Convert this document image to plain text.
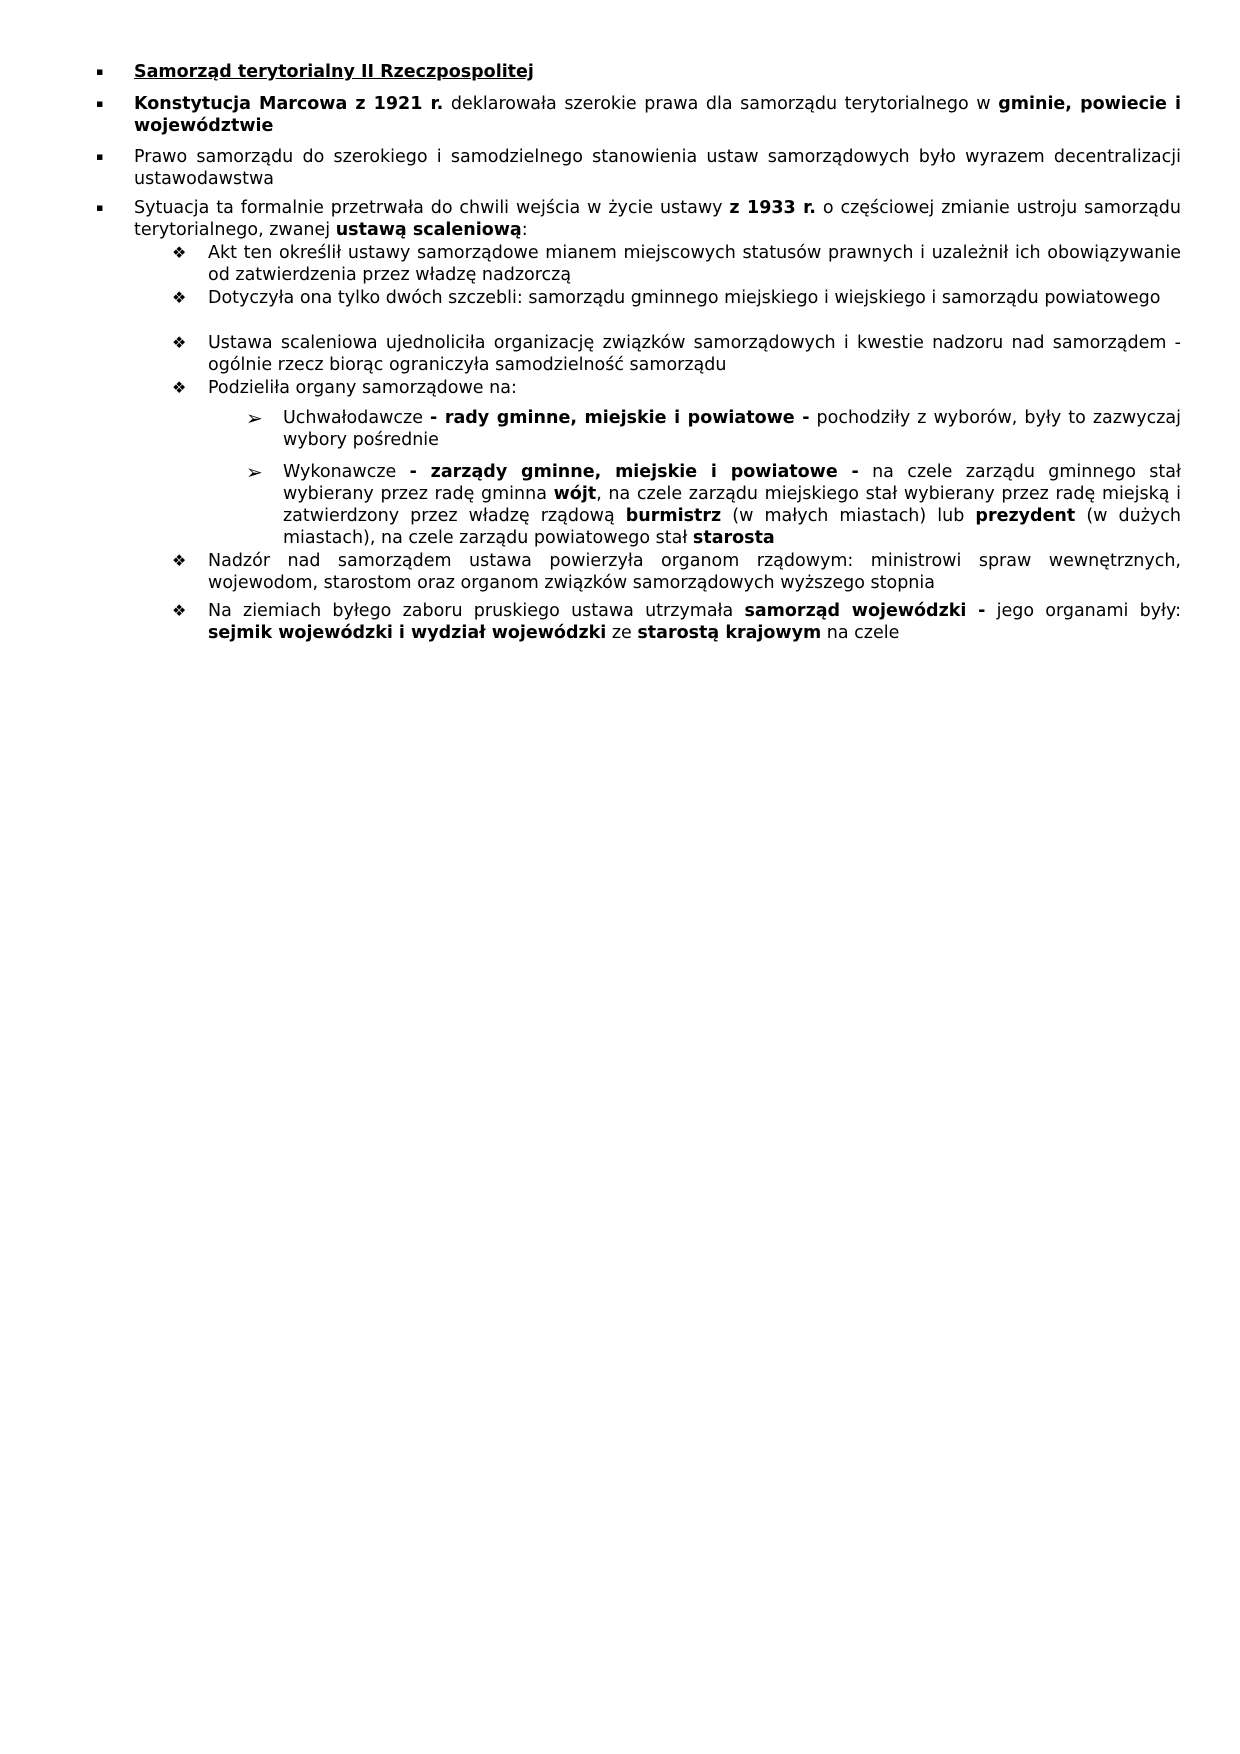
▪ Samorząd terytorialny II Rzeczpospolitej

▪ Konstytucja Marcowa z 1921 r. deklarowała szerokie prawa dla samorządu terytorialnego w gminie, powiecie i województwie

▪ Prawo samorządu do szerokiego i samodzielnego stanowienia ustaw samorządowych było wyrazem decentralizacji ustawodawstwa

▪ Sytuacja ta formalnie przetrwała do chwili wejścia w życie ustawy z 1933 r. o częściowej zmianie ustroju samorządu terytorialnego, zwanej ustawą scaleniową:

❖ Akt ten określił ustawy samorządowe mianem miejscowych statusów prawnych i uzależnił ich obowiązywanie od zatwierdzenia przez władzę nadzorczą

❖ Dotyczyła ona tylko dwóch szczebli: samorządu gminnego miejskiego i wiejskiego i samorządu powiatowego

❖ Ustawa scaleniowa ujednoliciła organizację związków samorządowych i kwestie nadzoru nad samorządem - ogólnie rzecz biorąc ograniczyła samodzielność samorządu

❖ Podzieliła organy samorządowe na:

➢ Uchwałodawcze - rady gminne, miejskie i powiatowe - pochodziły z wyborów, były to zazwyczaj wybory pośrednie

➢ Wykonawcze - zarządy gminne, miejskie i powiatowe - na czele zarządu gminnego stał wybierany przez radę gminna wójt, na czele zarządu miejskiego stał wybierany przez radę miejską i zatwierdzony przez władzę rządową burmistrz (w małych miastach) lub prezydent (w dużych miastach), na czele zarządu powiatowego stał starosta

❖ Nadzór nad samorządem ustawa powierzyła organom rządowym: ministrowi spraw wewnętrznych, wojewodom, starostom oraz organom związków samorządowych wyższego stopnia

❖ Na ziemiach byłego zaboru pruskiego ustawa utrzymała samorząd wojewódzki - jego organami były: sejmik wojewódzki i wydział wojewódzki ze starostą krajowym na czele
